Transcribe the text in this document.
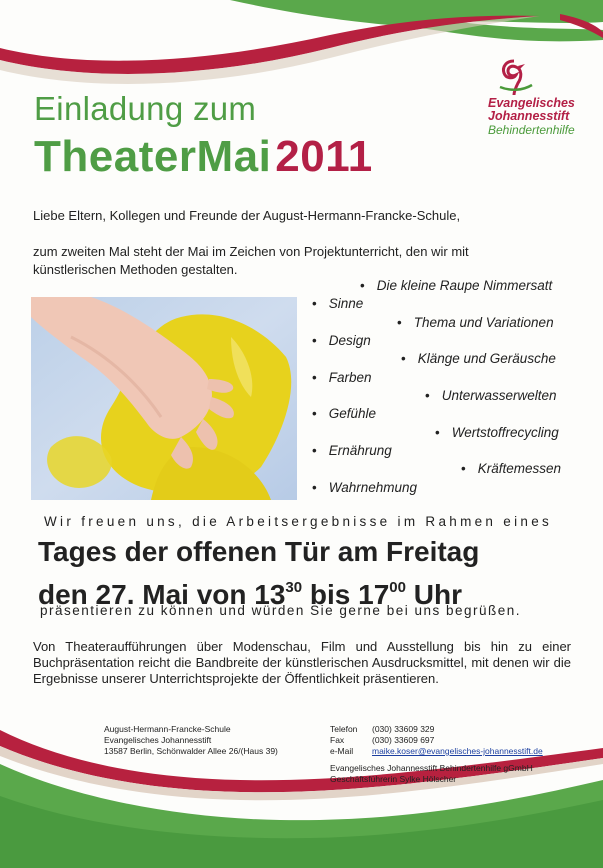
Evangelisches
Johannesstift
Behindertenhilfe
Einladung zum
TheaterMai2011
Liebe Eltern, Kollegen und Freunde der August-Hermann-Francke-Schule,
zum zweiten Mal steht der Mai im Zeichen von Projektunterricht, den wir mit künstlerischen Methoden gestalten.
• Die kleine Raupe Nimmersatt
• Sinne
• Thema und Variationen
• Design
• Klänge und Geräusche
• Farben
• Unterwasserwelten
• Gefühle
• Wertstoffrecycling
• Ernährung
• Kräftemessen
• Wahrnehmung
Wir freuen uns, die Arbeitsergebnisse im Rahmen eines
Tages der offenen Tür am Freitag
den 27. Mai von $13^{30}$ bis $17^{00}$ Uhr
präsentieren zu können und würden Sie gerne bei uns begrüßen.
Von Theateraufführungen über Modenschau, Film und Ausstellung bis hin zu einer Buchpräsentation reicht die Bandbreite der künstlerischen Ausdrucksmittel, mit denen wir die Ergebnisse unserer Unterrichtsprojekte der Öffentlichkeit präsentieren.
August-Hermann-Francke-Schule
Evangelisches Johannesstift
13587 Berlin, Schönwalder Allee 26/(Haus 39)
Telefon
Fax
e-Mail
(030) 33609 329
(030) 33609 697
maike.koser@evangelisches-johannesstift.de
Evangelisches Johannesstift Behindertenhilfe gGmbH
Geschäftsführerin Sylke Hölscher
